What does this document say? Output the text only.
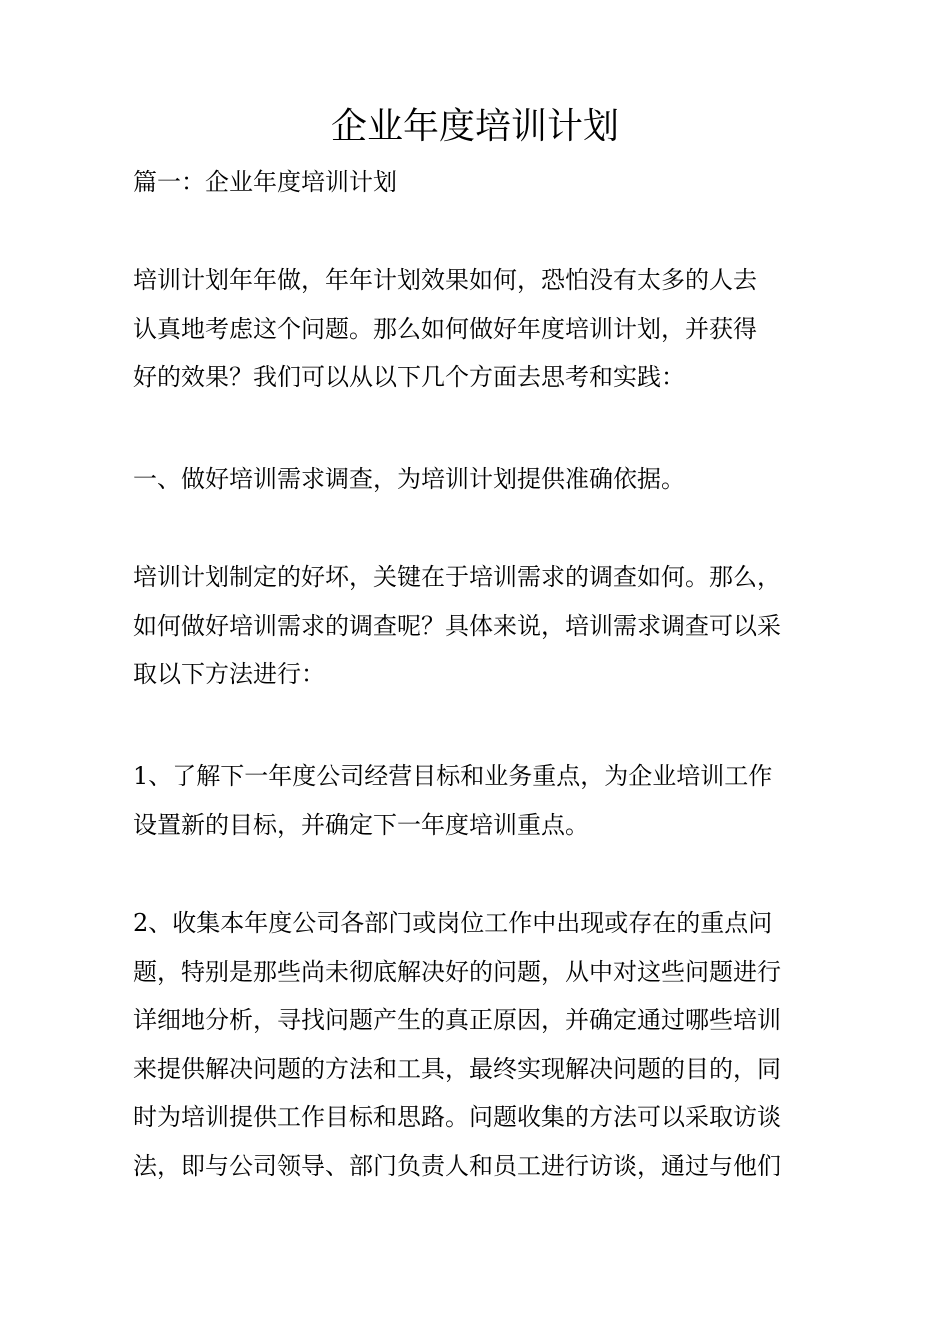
企业年度培训计划

篇一：企业年度培训计划

培训计划年年做，年年计划效果如何，恐怕没有太多的人去
认真地考虑这个问题。那么如何做好年度培训计划，并获得
好的效果？我们可以从以下几个方面去思考和实践：

一、做好培训需求调查，为培训计划提供准确依据。

培训计划制定的好坏，关键在于培训需求的调查如何。那么，
如何做好培训需求的调查呢？具体来说，培训需求调查可以采
取以下方法进行：

1、了解下一年度公司经营目标和业务重点，为企业培训工作
设置新的目标，并确定下一年度培训重点。

2、收集本年度公司各部门或岗位工作中出现或存在的重点问
题，特别是那些尚未彻底解决好的问题，从中对这些问题进行
详细地分析，寻找问题产生的真正原因，并确定通过哪些培训
来提供解决问题的方法和工具，最终实现解决问题的目的，同
时为培训提供工作目标和思路。问题收集的方法可以采取访谈
法，即与公司领导、部门负责人和员工进行访谈，通过与他们
